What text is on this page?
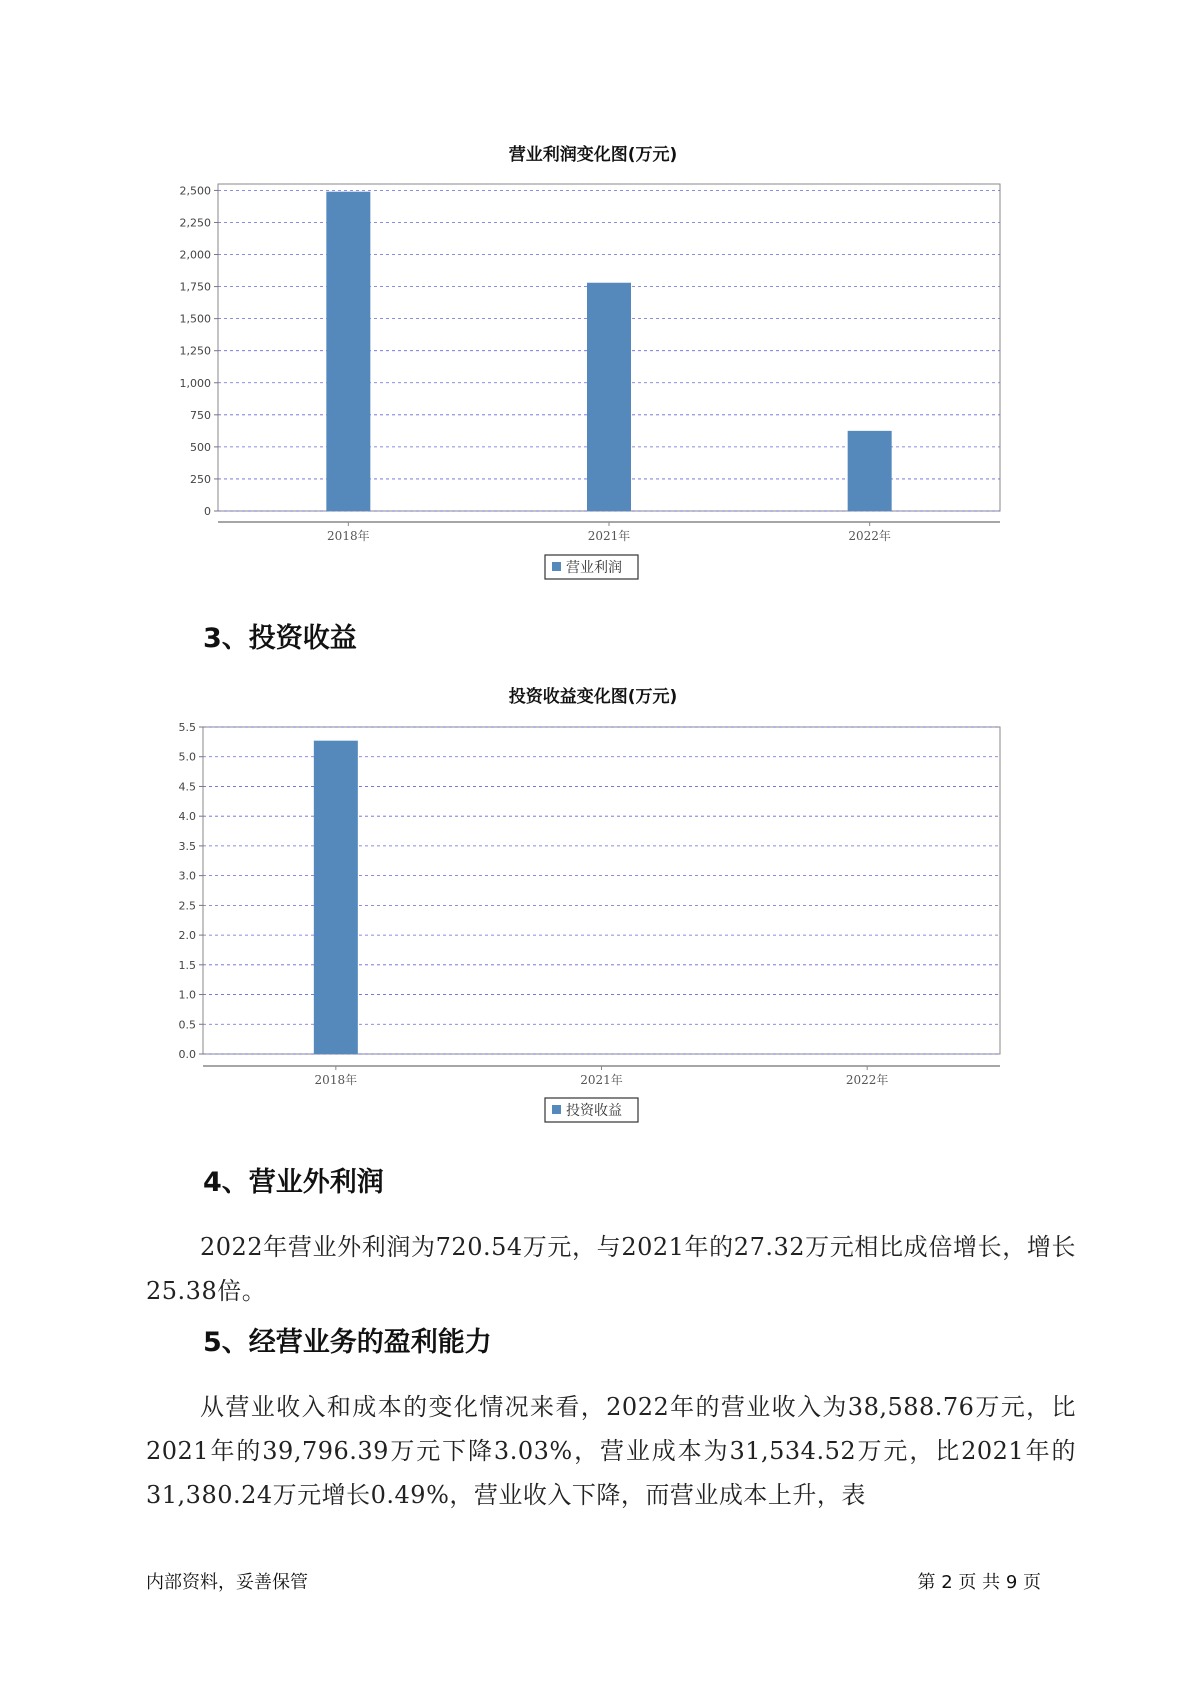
营业利润变化图(万元)
0
250
500
750
1,000
1,250
1,500
1,750
2,000
2,250
2,500
2018年	2021年	2022年
营业利润
3、投资收益
投资收益变化图(万元)
0.0
0.5
1.0
1.5
2.0
2.5
3.0
3.5
4.0
4.5
5.0
5.5
2018年	2021年	2022年
投资收益
4、营业外利润

2022年营业外利润为720.54万元，与2021年的27.32万元相比成倍增长，增长25.38倍。

5、经营业务的盈利能力

从营业收入和成本的变化情况来看，2022年的营业收入为38,588.76万元，比2021年的39,796.39万元下降3.03%，营业成本为31,534.52万元，比2021年的31,380.24万元增长0.49%，营业收入下降，而营业成本上升，表

内部资料，妥善保管	第 2 页 共 9 页
